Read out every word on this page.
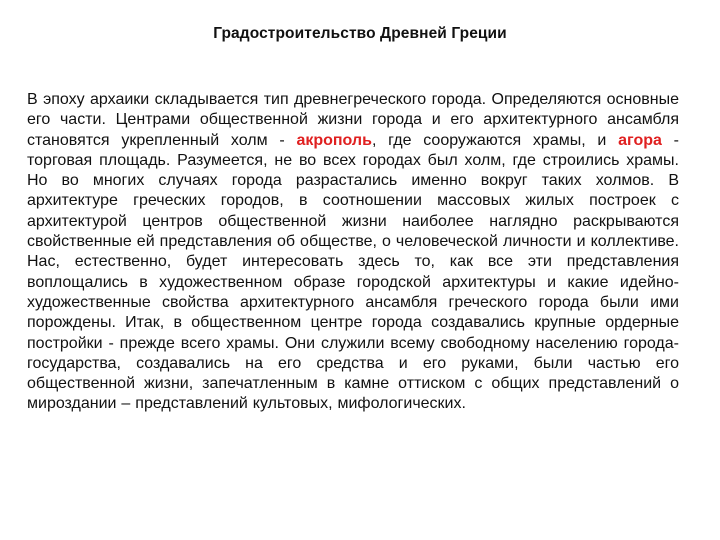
Градостроительство Древней Греции
В эпоху архаики складывается тип древнегреческого города. Определяются основные его части. Центрами общественной жизни города и его архитектурного ансамбля становятся укрепленный холм - акрополь, где сооружаются храмы, и агора - торговая площадь. Разумеется, не во всех городах был холм, где строились храмы. Но во многих случаях города разрастались именно вокруг таких холмов. В архитектуре греческих городов, в соотношении массовых жилых построек с архитектурой центров общественной жизни наиболее наглядно раскрываются свойственные ей представления об обществе, о человеческой личности и коллективе. Нас, естественно, будет интересовать здесь то, как все эти представления воплощались в художественном образе городской архитектуры и какие идейно-художественные свойства архитектурного ансамбля греческого города были ими порождены. Итак, в общественном центре города создавались крупные ордерные постройки - прежде всего храмы. Они служили всему свободному населению города-государства, создавались на его средства и его руками, были частью его общественной жизни, запечатленным в камне оттиском с общих представлений о мироздании – представлений культовых, мифологических.
